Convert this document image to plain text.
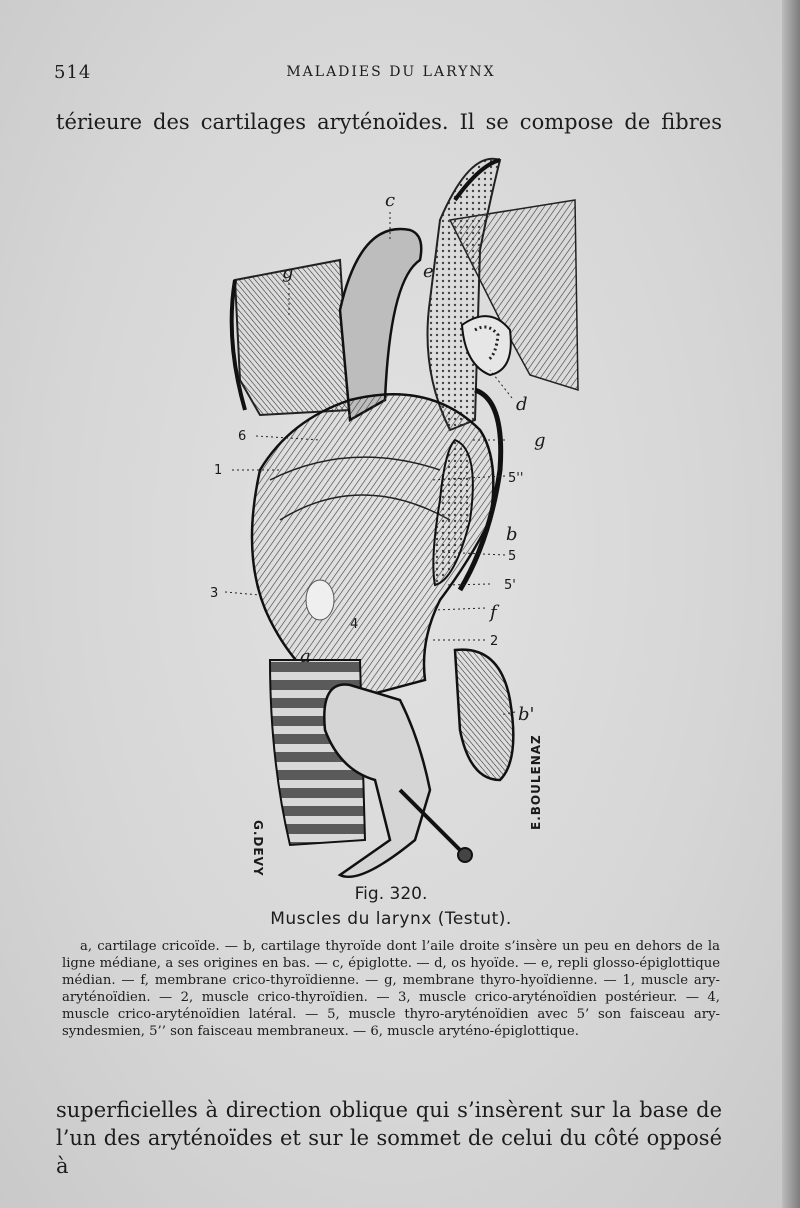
514	MALADIES DU LARYNX
térieure des cartilages aryténoïdes. Il se compose de fibres
c
e
g
d
g
6
1
5''
b
5
3
5'
f
4
2
a
b'
G.DEVY
E.BOULENAZ
Fig. 320.
Muscles du larynx (Testut).

a, cartilage cricoïde. — b, cartilage thyroïde dont l’aile droite s’insère un peu en dehors de la ligne médiane, a ses origines en bas. — c, épiglotte. — d, os hyoïde. — e, repli glosso-épiglottique médian. — f, membrane crico-thyroïdienne. — g, membrane thyro-hyoïdienne. — 1, muscle ary-aryténoïdien. — 2, muscle crico-thyroïdien. — 3, muscle crico-aryténoïdien postérieur. — 4, muscle crico-aryténoïdien latéral. — 5, muscle thyro-aryténoïdien avec 5’ son faisceau ary-syndesmien, 5’’ son faisceau membraneux. — 6, muscle aryténo-épiglottique.

superficielles à direction oblique qui s’insèrent sur la base de
l’un des aryténoïdes et sur le sommet de celui du côté opposé à
